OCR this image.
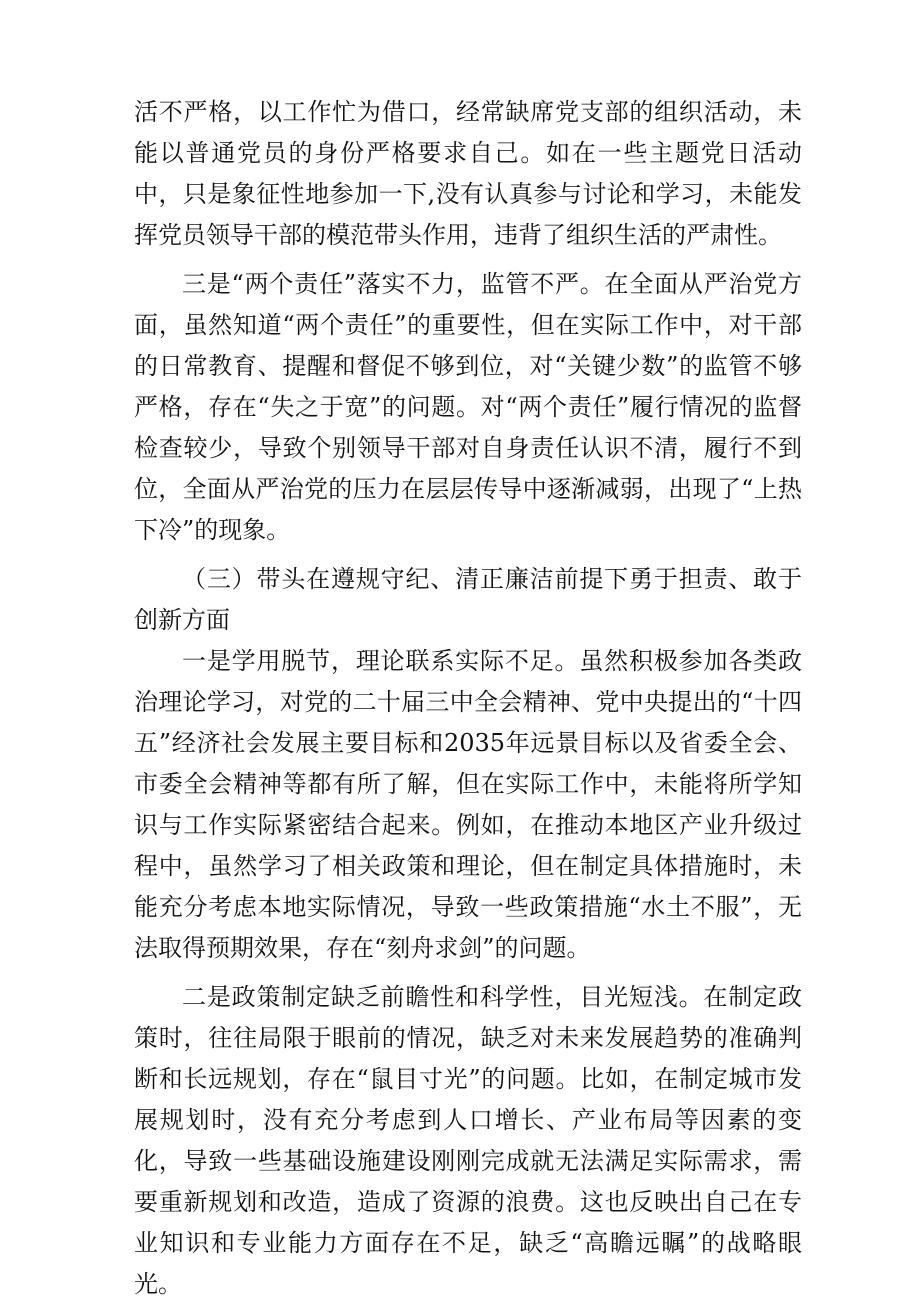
活不严格，以工作忙为借口，经常缺席党支部的组织活动，未能以普通党员的身份严格要求自己。如在一些主题党日活动中，只是象征性地参加一下,没有认真参与讨论和学习，未能发挥党员领导干部的模范带头作用，违背了组织生活的严肃性。

三是“两个责任”落实不力，监管不严。在全面从严治党方面，虽然知道“两个责任”的重要性，但在实际工作中，对干部的日常教育、提醒和督促不够到位，对“关键少数”的监管不够严格，存在“失之于宽”的问题。对“两个责任”履行情况的监督检查较少，导致个别领导干部对自身责任认识不清，履行不到位，全面从严治党的压力在层层传导中逐渐减弱，出现了“上热下冷”的现象。

（三）带头在遵规守纪、清正廉洁前提下勇于担责、敢于创新方面

一是学用脱节，理论联系实际不足。虽然积极参加各类政治理论学习，对党的二十届三中全会精神、党中央提出的“十四五”经济社会发展主要目标和2035年远景目标以及省委全会、市委全会精神等都有所了解，但在实际工作中，未能将所学知识与工作实际紧密结合起来。例如，在推动本地区产业升级过程中，虽然学习了相关政策和理论，但在制定具体措施时，未能充分考虑本地实际情况，导致一些政策措施“水土不服”，无法取得预期效果，存在“刻舟求剑”的问题。

二是政策制定缺乏前瞻性和科学性，目光短浅。在制定政策时，往往局限于眼前的情况，缺乏对未来发展趋势的准确判断和长远规划，存在“鼠目寸光”的问题。比如，在制定城市发展规划时，没有充分考虑到人口增长、产业布局等因素的变化，导致一些基础设施建设刚刚完成就无法满足实际需求，需要重新规划和改造，造成了资源的浪费。这也反映出自己在专业知识和专业能力方面存在不足，缺乏“高瞻远瞩”的战略眼光。
